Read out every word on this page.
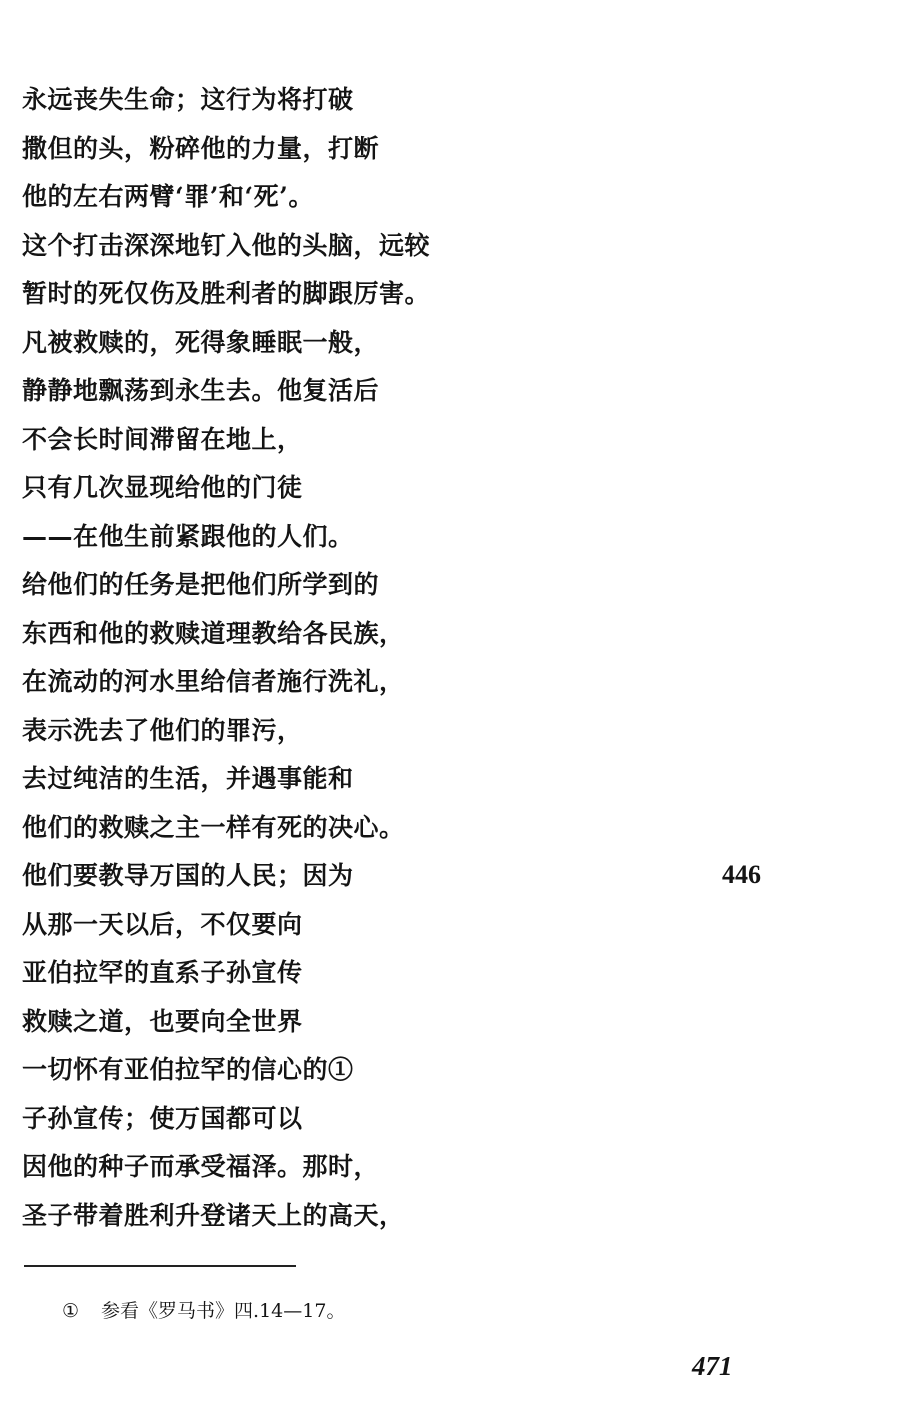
永远丧失生命；这行为将打破
撒但的头，粉碎他的力量，打断
他的左右两臂‘罪’和‘死’。
这个打击深深地钉入他的头脑，远较
暂时的死仅伤及胜利者的脚跟厉害。
凡被救赎的，死得象睡眠一般，
静静地飘荡到永生去。他复活后
不会长时间滞留在地上，
只有几次显现给他的门徒
——在他生前紧跟他的人们。
给他们的任务是把他们所学到的
东西和他的救赎道理教给各民族，
在流动的河水里给信者施行洗礼，
表示洗去了他们的罪污，
去过纯洁的生活，并遇事能和
他们的救赎之主一样有死的决心。
他们要教导万国的人民；因为
从那一天以后，不仅要向
亚伯拉罕的直系子孙宣传
救赎之道，也要向全世界
一切怀有亚伯拉罕的信心的①
子孙宣传；使万国都可以
因他的种子而承受福泽。那时，
圣子带着胜利升登诸天上的高天，
446
① 参看《罗马书》四.14—17。
471
